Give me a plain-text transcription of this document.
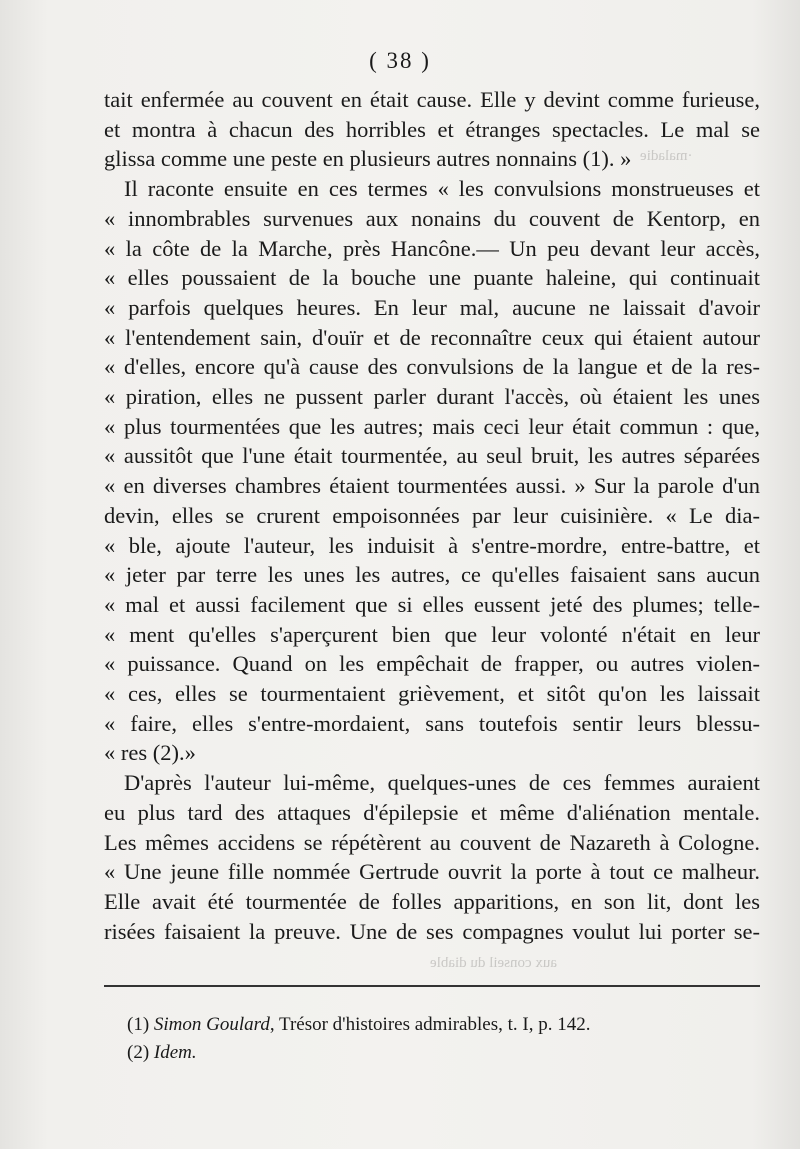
·maladie
aux conseil du diable
( 38 )
tait enfermée au couvent en était cause. Elle y devint comme furieuse,
et montra à chacun des horribles et étranges spectacles. Le mal se
glissa comme une peste en plusieurs autres nonnains (1). »
Il raconte ensuite en ces termes « les convulsions monstrueuses et
« innombrables survenues aux nonains du couvent de Kentorp, en
« la côte de la Marche, près Hancône.— Un peu devant leur accès,
« elles poussaient de la bouche une puante haleine, qui continuait
« parfois quelques heures. En leur mal, aucune ne laissait d'avoir
« l'entendement sain, d'ouïr et de reconnaître ceux qui étaient autour
« d'elles, encore qu'à cause des convulsions de la langue et de la res-
« piration, elles ne pussent parler durant l'accès, où étaient les unes
« plus tourmentées que les autres; mais ceci leur était commun : que,
« aussitôt que l'une était tourmentée, au seul bruit, les autres séparées
« en diverses chambres étaient tourmentées aussi. » Sur la parole d'un
devin, elles se crurent empoisonnées par leur cuisinière. « Le dia-
« ble, ajoute l'auteur, les induisit à s'entre-mordre, entre-battre, et
« jeter par terre les unes les autres, ce qu'elles faisaient sans aucun
« mal et aussi facilement que si elles eussent jeté des plumes; telle-
« ment qu'elles s'aperçurent bien que leur volonté n'était en leur
« puissance. Quand on les empêchait de frapper, ou autres violen-
« ces, elles se tourmentaient grièvement, et sitôt qu'on les laissait
« faire, elles s'entre-mordaient, sans toutefois sentir leurs blessu-
« res (2).»
D'après l'auteur lui-même, quelques-unes de ces femmes auraient
eu plus tard des attaques d'épilepsie et même d'aliénation mentale.
Les mêmes accidens se répétèrent au couvent de Nazareth à Cologne.
« Une jeune fille nommée Gertrude ouvrit la porte à tout ce malheur.
Elle avait été tourmentée de folles apparitions, en son lit, dont les
risées faisaient la preuve. Une de ses compagnes voulut lui porter se-
(1) Simon Goulard, Trésor d'histoires admirables, t. I, p. 142.
(2) Idem.
